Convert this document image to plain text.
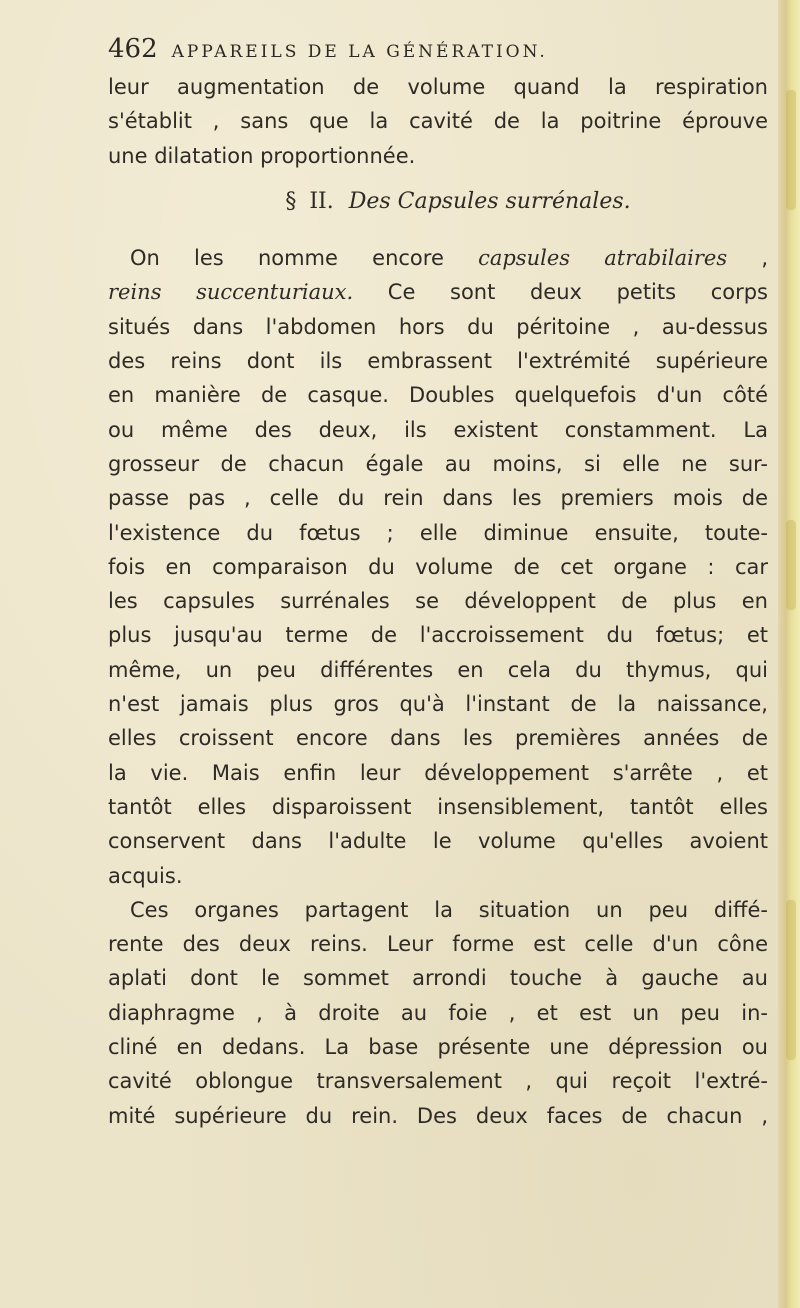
462 APPAREILS DE LA GÉNÉRATION.
leur augmentation de volume quand la respiration
s'établit , sans que la cavité de la poitrine éprouve
une dilatation proportionnée.
§ II. Des Capsules surrénales.
On les nomme encore capsules atrabilaires ,
reins succenturiaux. Ce sont deux petits corps
situés dans l'abdomen hors du péritoine , au-dessus
des reins dont ils embrassent l'extrémité supérieure
en manière de casque. Doubles quelquefois d'un côté
ou même des deux, ils existent constamment. La
grosseur de chacun égale au moins, si elle ne sur-
passe pas , celle du rein dans les premiers mois de
l'existence du fœtus ; elle diminue ensuite, toute-
fois en comparaison du volume de cet organe : car
les capsules surrénales se développent de plus en
plus jusqu'au terme de l'accroissement du fœtus; et
même, un peu différentes en cela du thymus, qui
n'est jamais plus gros qu'à l'instant de la naissance,
elles croissent encore dans les premières années de
la vie. Mais enfin leur développement s'arrête , et
tantôt elles disparoissent insensiblement, tantôt elles
conservent dans l'adulte le volume qu'elles avoient
acquis.
Ces organes partagent la situation un peu diffé-
rente des deux reins. Leur forme est celle d'un cône
aplati dont le sommet arrondi touche à gauche au
diaphragme , à droite au foie , et est un peu in-
cliné en dedans. La base présente une dépression ou
cavité oblongue transversalement , qui reçoit l'extré-
mité supérieure du rein. Des deux faces de chacun ,
